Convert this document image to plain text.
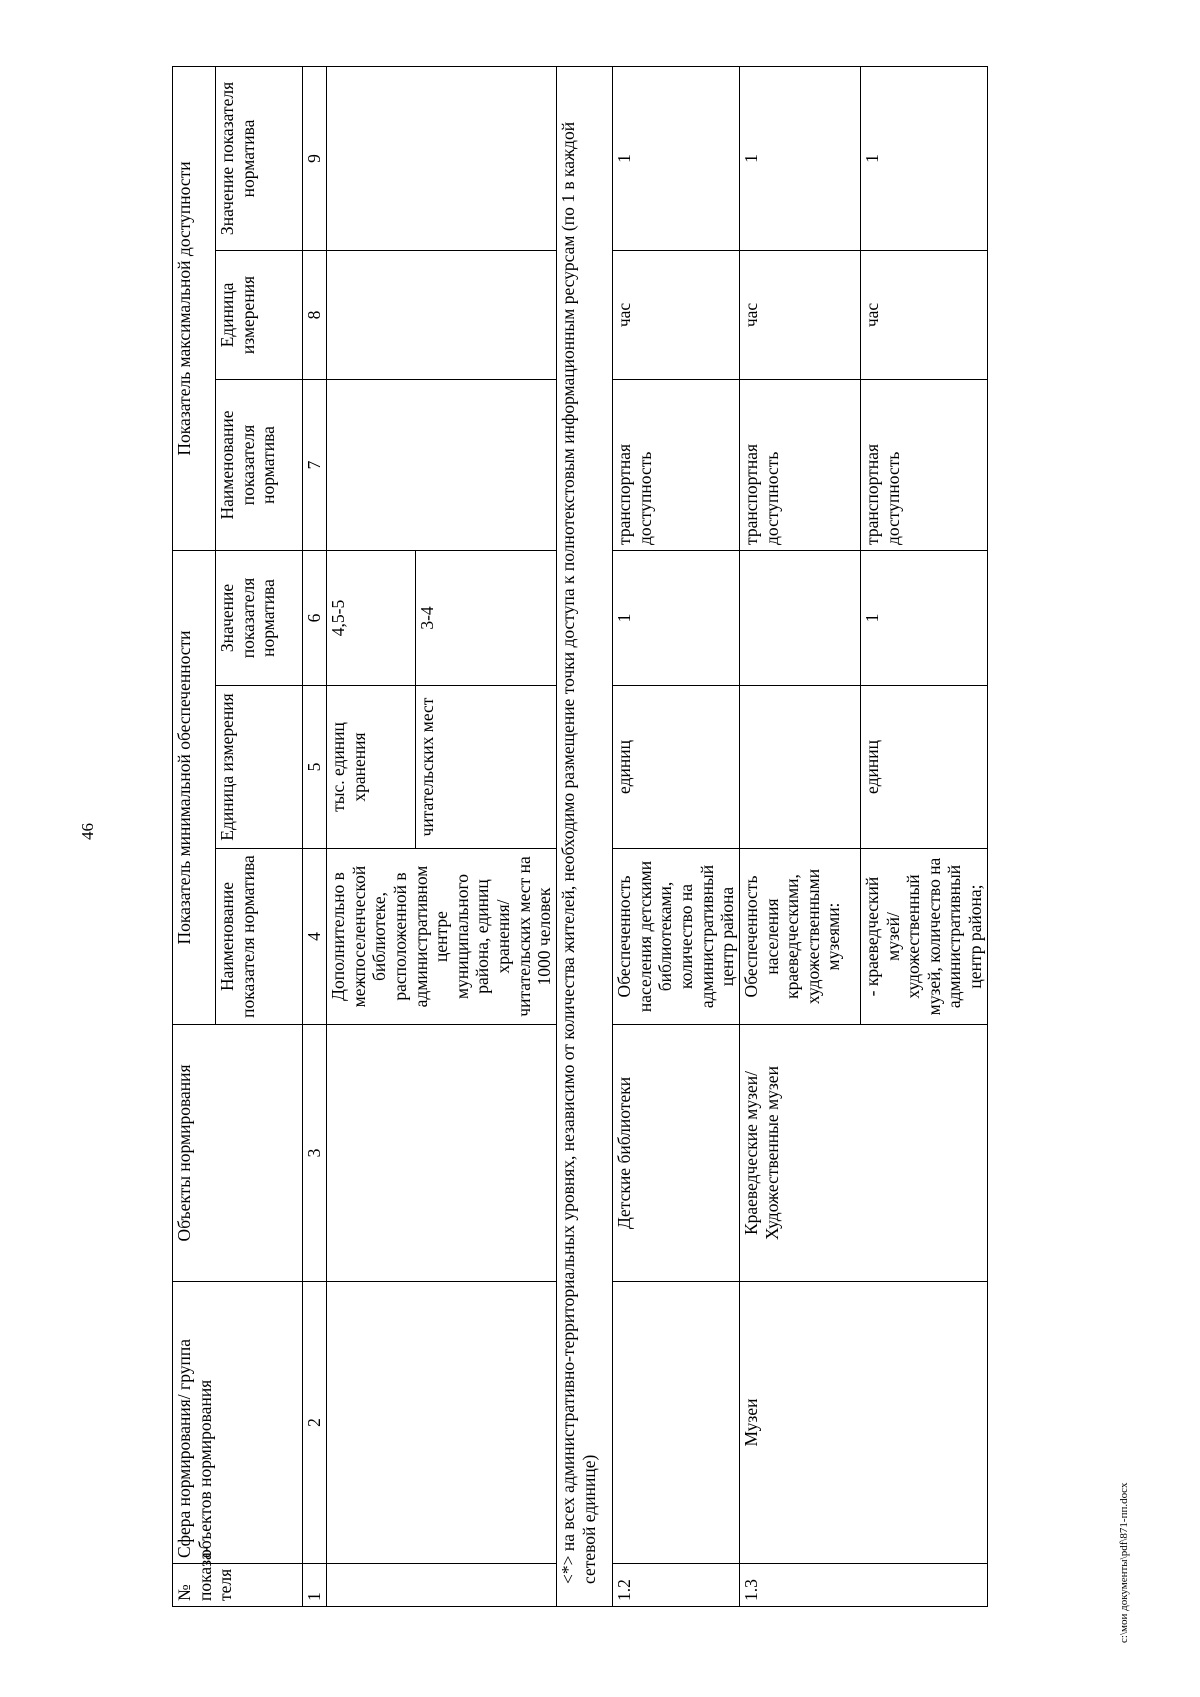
46
№ показа-теля	Сфера нормирования/ группа объектов нормирования	Объекты нормирования	Показатель минимальной обеспеченности			Показатель максимальной доступности		
			Наименование показателя норматива	Единица измерения	Значение показателя норматива	Наименование показателя норматива	Единица измерения	Значение показателя норматива
1	2	3	4	5	6	7	8	9
			Дополнительно в межпоселенческой библиотеке, расположенной в административном центре муниципального района, единиц хранения/ читательских мест на 1000 человек	тыс. единиц хранения	4,5-5			
				читательских мест	3-4			
<*> на всех административно-территориальных уровнях, независимо от количества жителей, необходимо размещение точки доступа к полнотекстовым информационным ресурсам (по 1 в каждой сетевой единице)								
1.2		Детские библиотеки	Обеспеченность населения детскими библиотеками, количество на административный центр района	единиц	1	транспортная доступность	час	1
1.3	Музеи	Краеведческие музеи/ Художественные музеи	Обеспеченность населения краеведческими, художественными музеями:			транспортная доступность	час	1
			- краеведческий музей/ художественный музей, количество на административный центр района;	единиц	1	транспортная доступность	час	1
c:\мои документы\pdf\871-пп.docx
